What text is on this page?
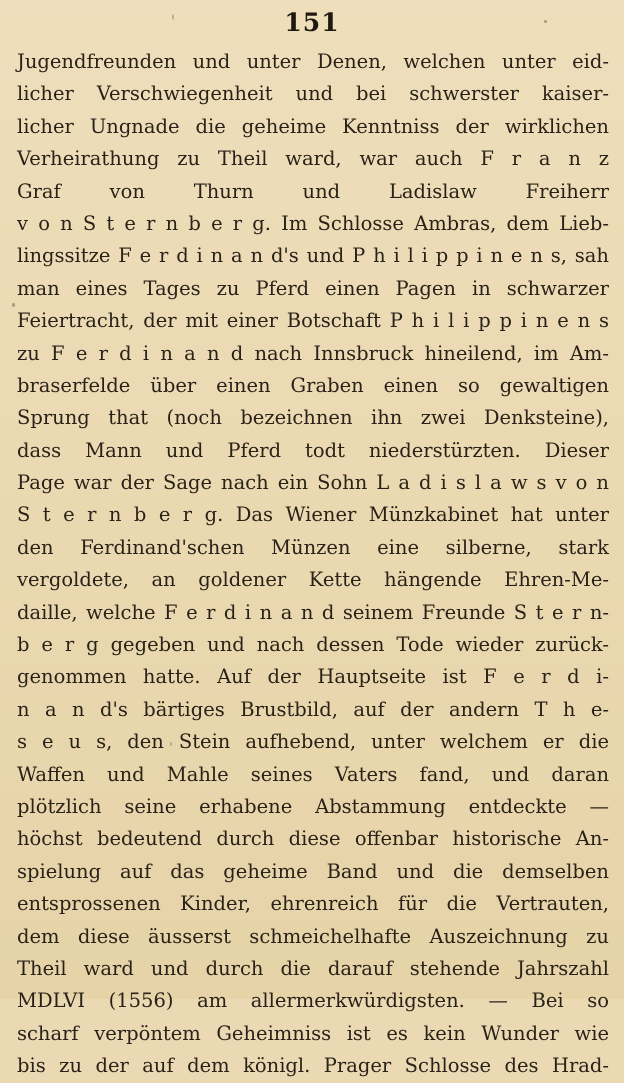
151
Jugendfreunden und unter Denen, welchen unter eid-
licher Verschwiegenheit und bei schwerster kaiser-
licher Ungnade die geheime Kenntniss der wirklichen
Verheirathung zu Theil ward, war auch F r a n z
Graf von Thurn und Ladislaw Freiherr
v o n S t e r n b e r g. Im Schlosse Ambras, dem Lieb-
lingssitze F e r d i n a n d's und P h i l i p p i n e n s, sah
man eines Tages zu Pferd einen Pagen in schwarzer
Feiertracht, der mit einer Botschaft P h i l i p p i n e n s
zu F e r d i n a n d nach Innsbruck hineilend, im Am-
braserfelde über einen Graben einen so gewaltigen
Sprung that (noch bezeichnen ihn zwei Denksteine),
dass Mann und Pferd todt niederstürzten. Dieser
Page war der Sage nach ein Sohn L a d i s l a w s v o n
S t e r n b e r g. Das Wiener Münzkabinet hat unter
den Ferdinand'schen Münzen eine silberne, stark
vergoldete, an goldener Kette hängende Ehren-Me-
daille, welche F e r d i n a n d seinem Freunde S t e r n-
b e r g gegeben und nach dessen Tode wieder zurück-
genommen hatte. Auf der Hauptseite ist F e r d i-
n a n d's bärtiges Brustbild, auf der andern T h e-
s e u s, den Stein aufhebend, unter welchem er die
Waffen und Mahle seines Vaters fand, und daran
plötzlich seine erhabene Abstammung entdeckte —
höchst bedeutend durch diese offenbar historische An-
spielung auf das geheime Band und die demselben
entsprossenen Kinder, ehrenreich für die Vertrauten,
dem diese äusserst schmeichelhafte Auszeichnung zu
Theil ward und durch die darauf stehende Jahrszahl
MDLVI (1556) am allermerkwürdigsten. — Bei so
scharf verpöntem Geheimniss ist es kein Wunder wie
bis zu der auf dem königl. Prager Schlosse des Hrad-
